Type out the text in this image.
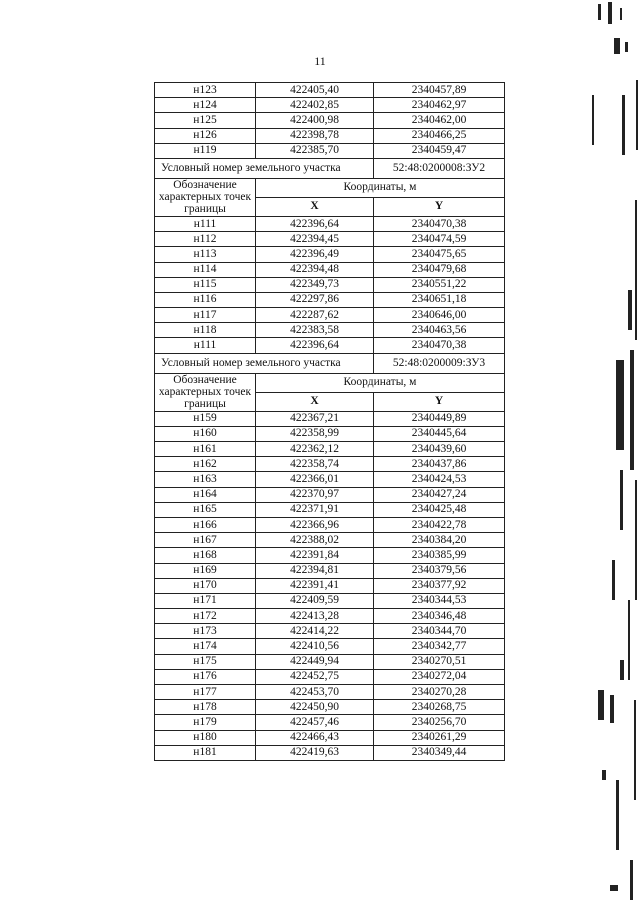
11
н123	422405,40	2340457,89
н124	422402,85	2340462,97
н125	422400,98	2340462,00
н126	422398,78	2340466,25
н119	422385,70	2340459,47
Условный номер земельного участка		52:48:0200008:ЗУ2
Обозначение характерных точек границы	Координаты, м	
	X	Y
н111	422396,64	2340470,38
н112	422394,45	2340474,59
н113	422396,49	2340475,65
н114	422394,48	2340479,68
н115	422349,73	2340551,22
н116	422297,86	2340651,18
н117	422287,62	2340646,00
н118	422383,58	2340463,56
н111	422396,64	2340470,38
Условный номер земельного участка		52:48:0200009:ЗУ3
Обозначение характерных точек границы	Координаты, м	
	X	Y
н159	422367,21	2340449,89
н160	422358,99	2340445,64
н161	422362,12	2340439,60
н162	422358,74	2340437,86
н163	422366,01	2340424,53
н164	422370,97	2340427,24
н165	422371,91	2340425,48
н166	422366,96	2340422,78
н167	422388,02	2340384,20
н168	422391,84	2340385,99
н169	422394,81	2340379,56
н170	422391,41	2340377,92
н171	422409,59	2340344,53
н172	422413,28	2340346,48
н173	422414,22	2340344,70
н174	422410,56	2340342,77
н175	422449,94	2340270,51
н176	422452,75	2340272,04
н177	422453,70	2340270,28
н178	422450,90	2340268,75
н179	422457,46	2340256,70
н180	422466,43	2340261,29
н181	422419,63	2340349,44
